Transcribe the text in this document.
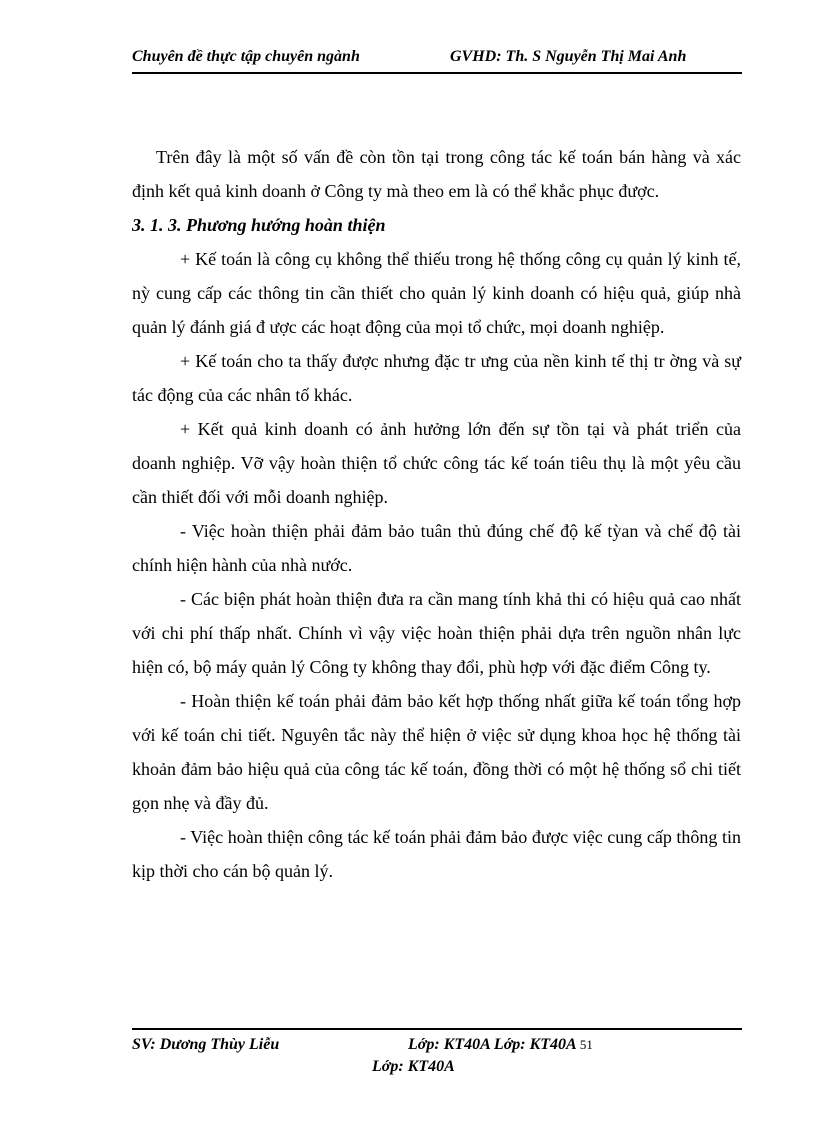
Chuyên đề thực tập chuyên ngành	GVHD: Th. S Nguyễn Thị Mai Anh

Trên đây là một số vấn đề còn tồn tại trong công tác kế toán bán hàng và xác định kết quả kinh doanh ở Công ty mà theo em là có thể khắc phục được.

3. 1. 3. Phương hướng hoàn thiện

+ Kế toán là công cụ không thể thiếu trong hệ thống công cụ quản lý kinh tế, nỳ cung cấp các thông tin cần thiết cho quản lý kinh doanh có hiệu quả, giúp nhà quản lý đánh giá đ ược các hoạt động của mọi tổ chức, mọi doanh nghiệp.

+ Kế toán cho ta thấy được nhưng đặc tr ưng của nền kinh tế thị tr ờng và sự tác động của các nhân tố khác.

+ Kết quả kinh doanh có ảnh hưởng lớn đến sự tồn tại và phát triển của doanh nghiệp. Vỡ vậy hoàn thiện tổ chức công tác kế toán tiêu thụ là một yêu cầu cần thiết đối với mỗi doanh nghiệp.

- Việc hoàn thiện phải đảm bảo tuân thủ đúng chế độ kế tỳan và chế độ tài chính hiện hành của nhà nước.

- Các biện phát hoàn thiện đưa ra cần mang tính khả thi có hiệu quả cao nhất với chi phí thấp nhất. Chính vì vậy việc hoàn thiện phải dựa trên nguồn nhân lực hiện có, bộ máy quản lý Công ty không thay đổi, phù hợp với đặc điểm Công ty.

- Hoàn thiện kế toán phải đảm bảo kết hợp thống nhất giữa kế toán tổng hợp với kế toán chi tiết. Nguyên tắc này thể hiện ở việc sử dụng khoa học hệ thống tài khoản đảm bảo hiệu quả của công tác kế toán, đồng thời có một hệ thống sổ chi tiết gọn nhẹ và đầy đủ.

- Việc hoàn thiện công tác kế toán phải đảm bảo được việc cung cấp thông tin kịp thời cho cán bộ quản lý.

SV: Dương Thùy Liễu	Lớp: KT40A Lớp: KT40A 51
Lớp: KT40A
